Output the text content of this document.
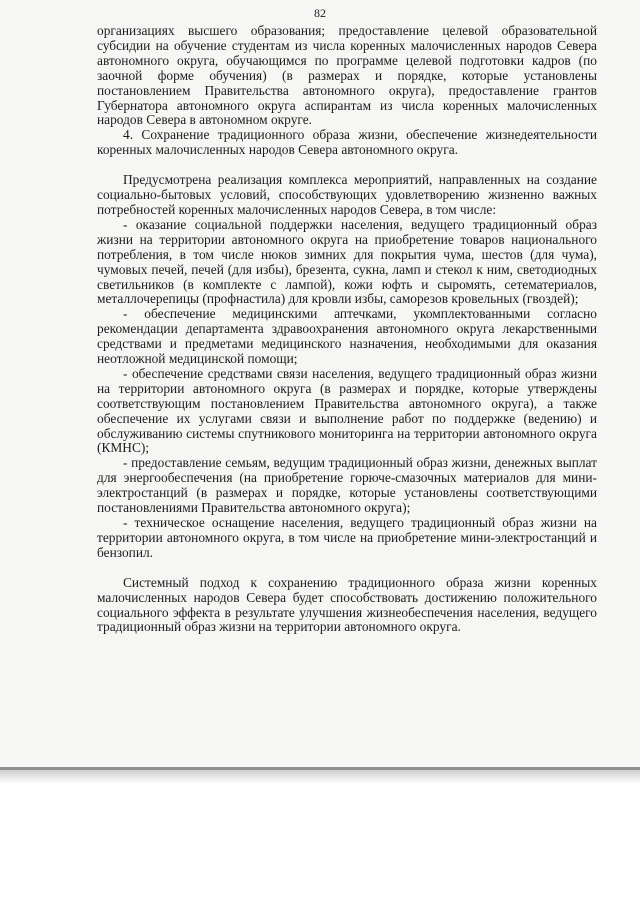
82

организациях высшего образования; предоставление целевой образовательной субсидии на обучение студентам из числа коренных малочисленных народов Севера автономного округа, обучающимся по программе целевой подготовки кадров (по заочной форме обучения) (в размерах и порядке, которые установлены постановлением Правительства автономного округа), предоставление грантов Губернатора автономного округа аспирантам из числа коренных малочисленных народов Севера в автономном округе.

4. Сохранение традиционного образа жизни, обеспечение жизнедеятельности коренных малочисленных народов Севера автономного округа.

Предусмотрена реализация комплекса мероприятий, направленных на создание социально-бытовых условий, способствующих удовлетворению жизненно важных потребностей коренных малочисленных народов Севера, в том числе:

- оказание социальной поддержки населения, ведущего традиционный образ жизни на территории автономного округа на приобретение товаров национального потребления, в том числе нюков зимних для покрытия чума, шестов (для чума), чумовых печей, печей (для избы), брезента, сукна, ламп и стекол к ним, светодиодных светильников (в комплекте с лампой), кожи юфть и сыромять, сетематериалов, металлочерепицы (профнастила) для кровли избы, саморезов кровельных (гвоздей);

- обеспечение медицинскими аптечками, укомплектованными согласно рекомендации департамента здравоохранения автономного округа лекарственными средствами и предметами медицинского назначения, необходимыми для оказания неотложной медицинской помощи;

- обеспечение средствами связи населения, ведущего традиционный образ жизни на территории автономного округа (в размерах и порядке, которые утверждены соответствующим постановлением Правительства автономного округа), а также обеспечение их услугами связи и выполнение работ по поддержке (ведению) и обслуживанию системы спутникового мониторинга на территории автономного округа (КМНС);

- предоставление семьям, ведущим традиционный образ жизни, денежных выплат для энергообеспечения (на приобретение горюче-смазочных материалов для мини-электростанций (в размерах и порядке, которые установлены соответствующими постановлениями Правительства автономного округа);

- техническое оснащение населения, ведущего традиционный образ жизни на территории автономного округа, в том числе на приобретение мини-электростанций и бензопил.

Системный подход к сохранению традиционного образа жизни коренных малочисленных народов Севера будет способствовать достижению положительного социального эффекта в результате улучшения жизнеобеспечения населения, ведущего традиционный образ жизни на территории автономного округа.
